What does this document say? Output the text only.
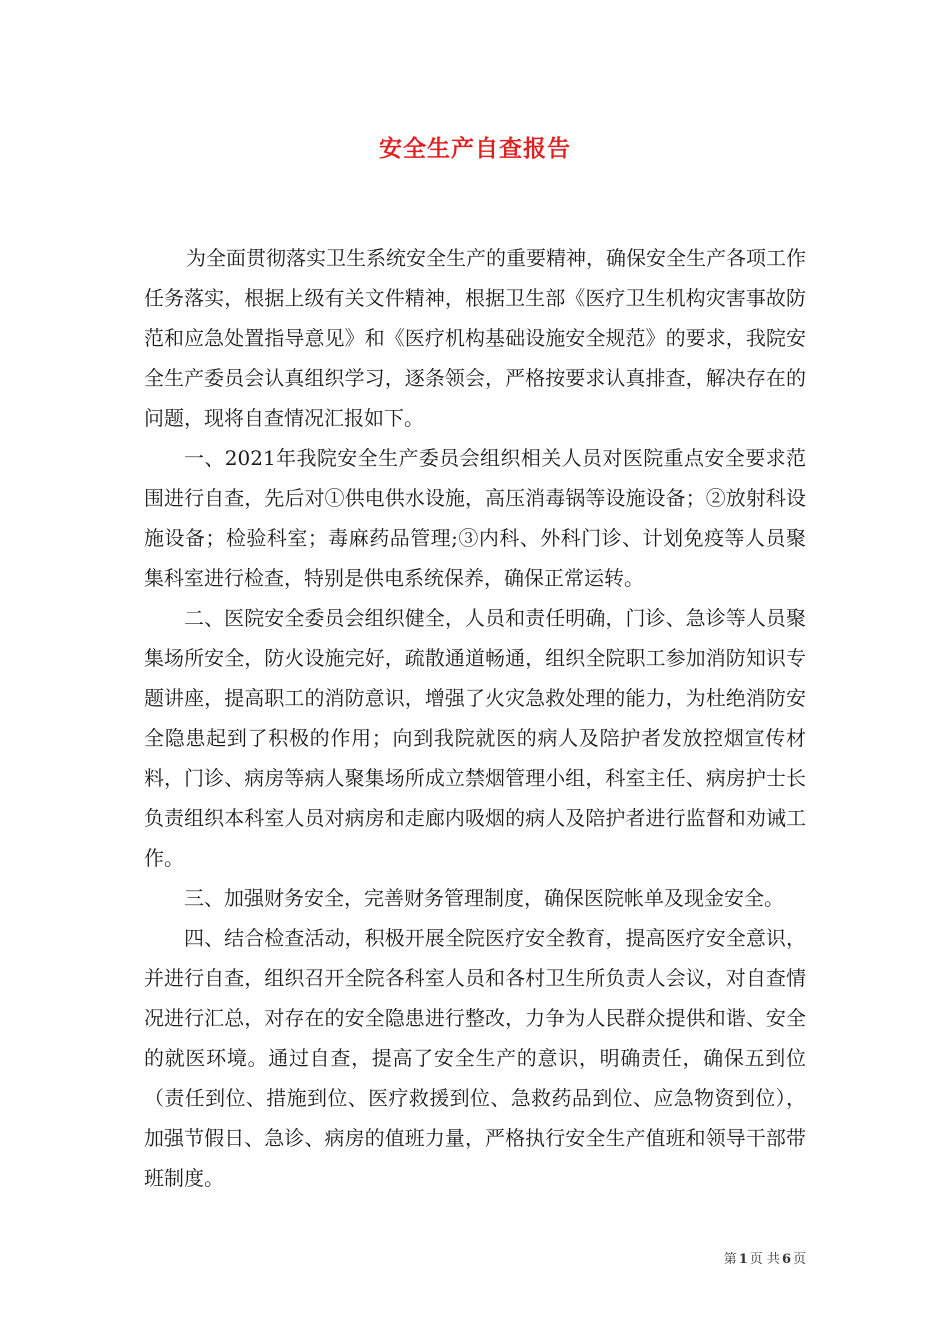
安全生产自查报告

为全面贯彻落实卫生系统安全生产的重要精神，确保安全生产各项工作任务落实，根据上级有关文件精神，根据卫生部《医疗卫生机构灾害事故防范和应急处置指导意见》和《医疗机构基础设施安全规范》的要求，我院安全生产委员会认真组织学习，逐条领会，严格按要求认真排查，解决存在的问题，现将自查情况汇报如下。

一、2021年我院安全生产委员会组织相关人员对医院重点安全要求范围进行自查，先后对①供电供水设施，高压消毒锅等设施设备；②放射科设施设备；检验科室；毒麻药品管理;③内科、外科门诊、计划免疫等人员聚集科室进行检查，特别是供电系统保养，确保正常运转。

二、医院安全委员会组织健全，人员和责任明确，门诊、急诊等人员聚集场所安全，防火设施完好，疏散通道畅通，组织全院职工参加消防知识专题讲座，提高职工的消防意识，增强了火灾急救处理的能力，为杜绝消防安全隐患起到了积极的作用；向到我院就医的病人及陪护者发放控烟宣传材料，门诊、病房等病人聚集场所成立禁烟管理小组，科室主任、病房护士长负责组织本科室人员对病房和走廊内吸烟的病人及陪护者进行监督和劝诫工作。

三、加强财务安全，完善财务管理制度，确保医院帐单及现金安全。

四、结合检查活动，积极开展全院医疗安全教育，提高医疗安全意识，并进行自查，组织召开全院各科室人员和各村卫生所负责人会议，对自查情况进行汇总，对存在的安全隐患进行整改，力争为人民群众提供和谐、安全的就医环境。通过自查，提高了安全生产的意识，明确责任，确保五到位（责任到位、措施到位、医疗救援到位、急救药品到位、应急物资到位），加强节假日、急诊、病房的值班力量，严格执行安全生产值班和领导干部带班制度。

第 1 页 共 6 页
